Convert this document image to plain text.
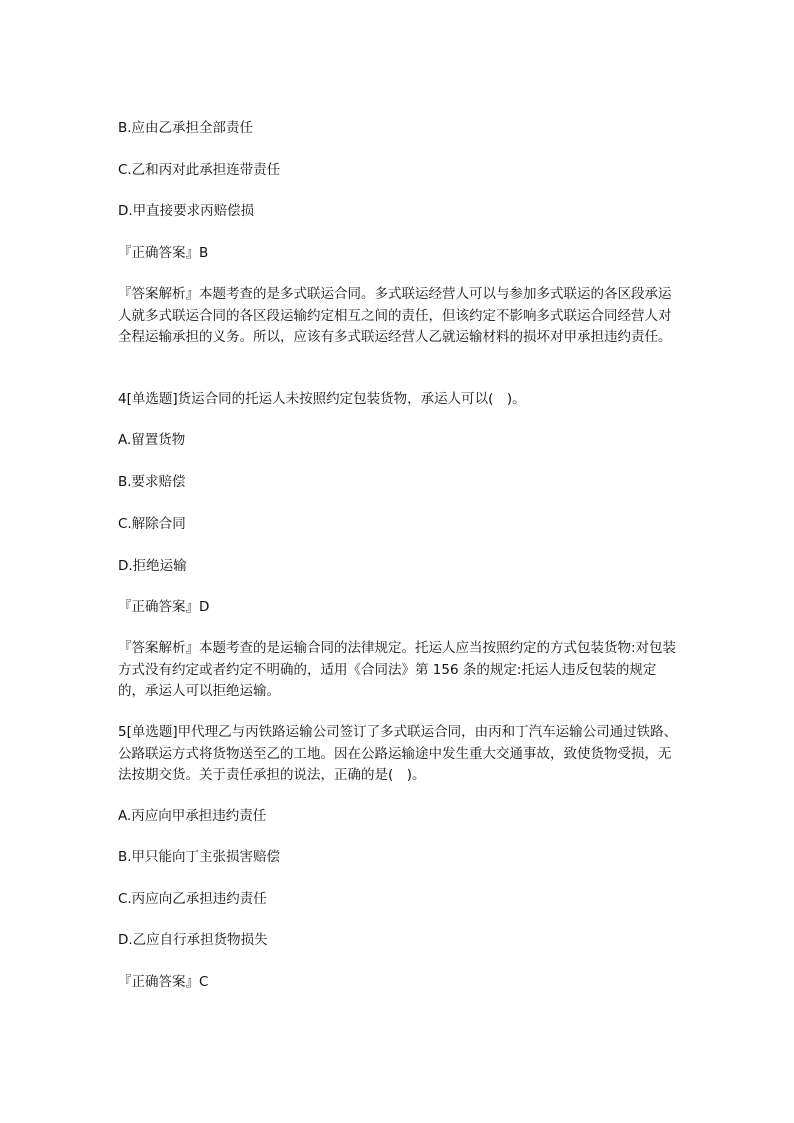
B.应由乙承担全部责任
C.乙和丙对此承担连带责任
D.甲直接要求丙赔偿损
『正确答案』B
『答案解析』本题考查的是多式联运合同。多式联运经营人可以与参加多式联运的各区段承运人就多式联运合同的各区段运输约定相互之间的责任，但该约定不影响多式联运合同经营人对全程运输承担的义务。所以，应该有多式联运经营人乙就运输材料的损坏对甲承担违约责任。
4[单选题]货运合同的托运人未按照约定包装货物，承运人可以(　)。
A.留置货物
B.要求赔偿
C.解除合同
D.拒绝运输
『正确答案』D
『答案解析』本题考查的是运输合同的法律规定。托运人应当按照约定的方式包装货物:对包装方式没有约定或者约定不明确的，适用《合同法》第 156 条的规定:托运人违反包装的规定的，承运人可以拒绝运输。
5[单选题]甲代理乙与丙铁路运输公司签订了多式联运合同，由丙和丁汽车运输公司通过铁路、公路联运方式将货物送至乙的工地。因在公路运输途中发生重大交通事故，致使货物受损，无法按期交货。关于责任承担的说法，正确的是(　)。
A.丙应向甲承担违约责任
B.甲只能向丁主张损害赔偿
C.丙应向乙承担违约责任
D.乙应自行承担货物损失
『正确答案』C
